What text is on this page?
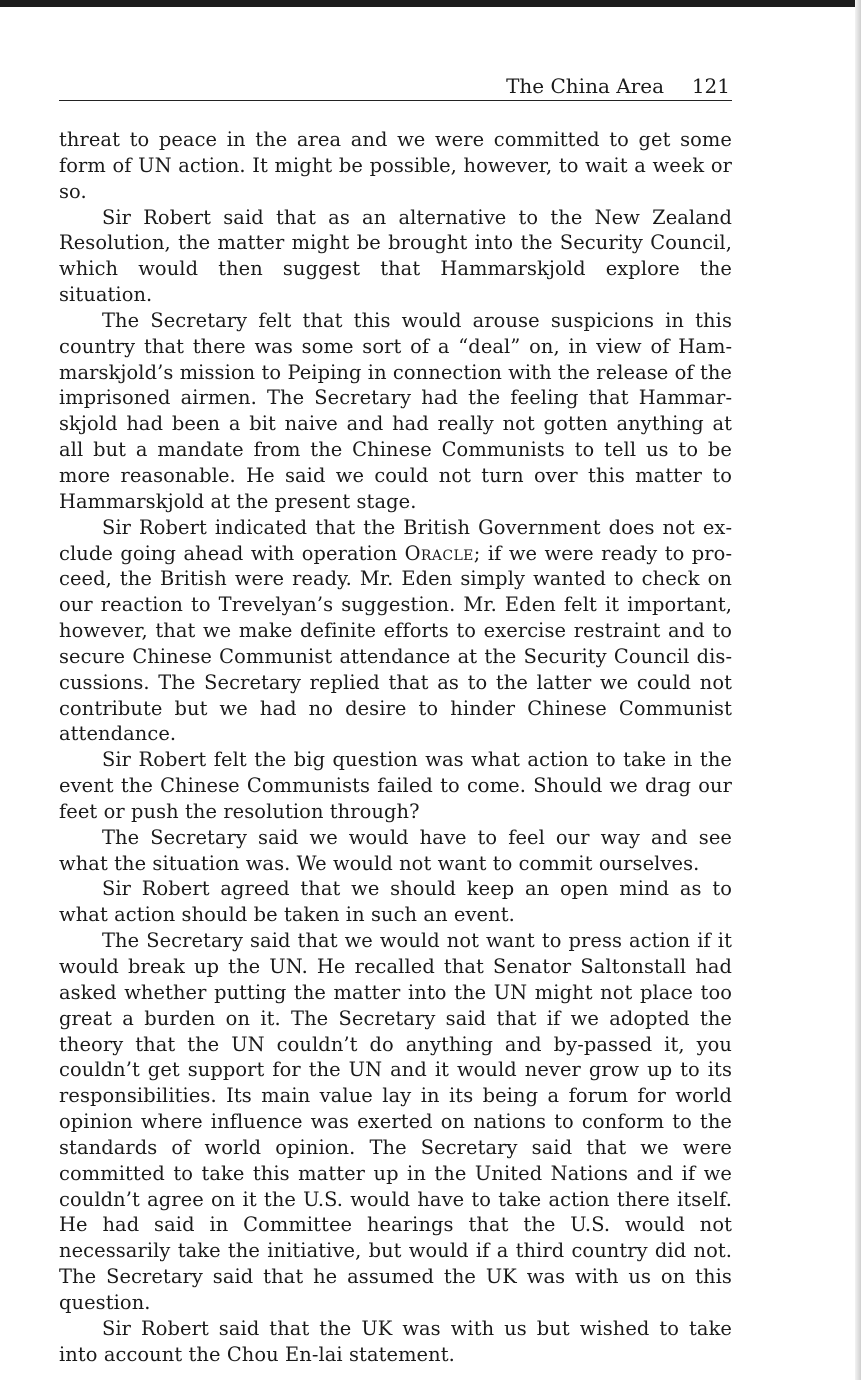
The China Area 121

threat to peace in the area and we were committed to get some form of UN action. It might be possible, however, to wait a week or so.

Sir Robert said that as an alternative to the New Zealand Resolution, the matter might be brought into the Security Council, which would then suggest that Hammarskjold explore the situation.

The Secretary felt that this would arouse suspicions in this country that there was some sort of a “deal” on, in view of Hammarskjold’s mission to Peiping in connection with the release of the imprisoned airmen. The Secretary had the feeling that Hammarskjold had been a bit naive and had really not gotten anything at all but a mandate from the Chinese Communists to tell us to be more reasonable. He said we could not turn over this matter to Hammarskjold at the present stage.

Sir Robert indicated that the British Government does not exclude going ahead with operation Oracle; if we were ready to proceed, the British were ready. Mr. Eden simply wanted to check on our reaction to Trevelyan’s suggestion. Mr. Eden felt it important, however, that we make definite efforts to exercise restraint and to secure Chinese Communist attendance at the Security Council discussions. The Secretary replied that as to the latter we could not contribute but we had no desire to hinder Chinese Communist attendance.

Sir Robert felt the big question was what action to take in the event the Chinese Communists failed to come. Should we drag our feet or push the resolution through?

The Secretary said we would have to feel our way and see what the situation was. We would not want to commit ourselves.

Sir Robert agreed that we should keep an open mind as to what action should be taken in such an event.

The Secretary said that we would not want to press action if it would break up the UN. He recalled that Senator Saltonstall had asked whether putting the matter into the UN might not place too great a burden on it. The Secretary said that if we adopted the theory that the UN couldn’t do anything and by-passed it, you couldn’t get support for the UN and it would never grow up to its responsibilities. Its main value lay in its being a forum for world opinion where influence was exerted on nations to conform to the standards of world opinion. The Secretary said that we were committed to take this matter up in the United Nations and if we couldn’t agree on it the U.S. would have to take action there itself. He had said in Committee hearings that the U.S. would not necessarily take the initiative, but would if a third country did not. The Secretary said that he assumed the UK was with us on this question.

Sir Robert said that the UK was with us but wished to take into account the Chou En-lai statement.
